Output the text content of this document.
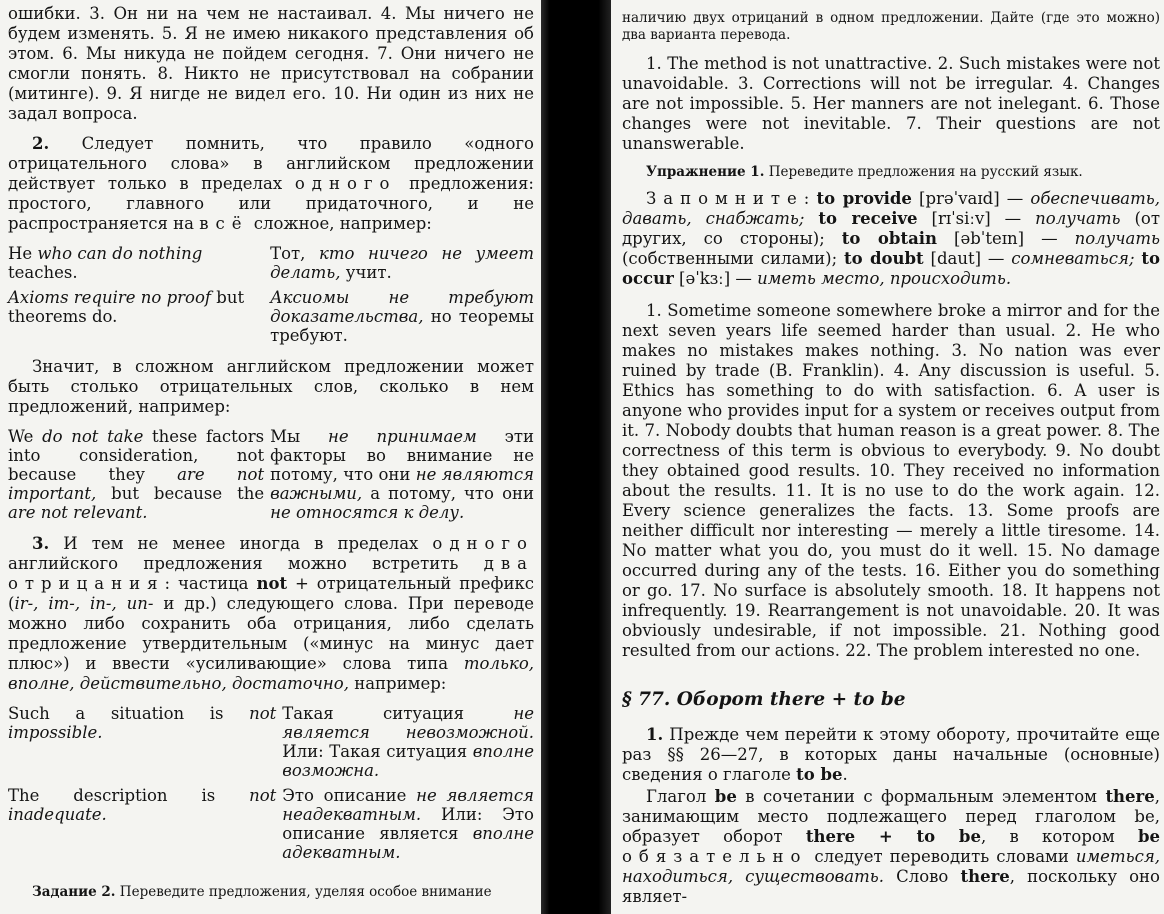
ошибки. 3. Он ни на чем не настаивал. 4. Мы ничего не будем изменять. 5. Я не имею никакого представления об этом. 6. Мы никуда не пойдем сегодня. 7. Они ничего не смогли понять. 8. Никто не присутствовал на собрании (митинге). 9. Я нигде не видел его. 10. Ни один из них не задал вопроса.

2. Следует помнить, что правило «одного отрицательного слова» в английском предложении действует только в пределах одного предложения: простого, главного или придаточного, и не распространяется на всё сложное, например:

He who can do nothing teaches.
Тот, кто ничего не умеет делать, учит.
Axioms require no proof but theorems do.
Аксиомы не требуют доказательства, но теоремы требуют.

Значит, в сложном английском предложении может быть столько отрицательных слов, сколько в нем предложений, например:

We do not take these factors into consideration, not because they are not important, but because the are not relevant.
Мы не принимаем эти факторы во внимание не потому, что они не являются важными, а потому, что они не относятся к делу.

3. И тем не менее иногда в пределах одного английского предложения можно встретить два отрицания: частица not + отрицательный префикс (ir-, im-, in-, un- и др.) следующего слова. При переводе можно либо сохранить оба отрицания, либо сделать предложение утвердительным («минус на минус дает плюс») и ввести «усиливающие» слова типа только, вполне, действительно, достаточно, например:

Such a situation is not impossible.
Такая ситуация не является невозможной. Или: Такая ситуация вполне возможна.
The description is not inadequate.
Это описание не является неадекватным. Или: Это описание является вполне адекватным.

Задание 2. Переведите предложения, уделяя особое внимание

наличию двух отрицаний в одном предложении. Дайте (где это можно) два варианта перевода.

1. The method is not unattractive. 2. Such mistakes were not unavoidable. 3. Corrections will not be irregular. 4. Changes are not impossible. 5. Her manners are not inelegant. 6. Those changes were not inevitable. 7. Their questions are not unanswerable.

Упражнение 1. Переведите предложения на русский язык.

Запомните: to provide [prəˈvaɪd] — обеспечивать, давать, снабжать; to receive [rɪˈsiːv] — получать (от других, со стороны); to obtain [əbˈteɪn] — получать (собственными силами); to doubt [daut] — сомневаться; to occur [əˈkɜː] — иметь место, происходить.

1. Sometime someone somewhere broke a mirror and for the next seven years life seemed harder than usual. 2. He who makes no mistakes makes nothing. 3. No nation was ever ruined by trade (B. Franklin). 4. Any discussion is useful. 5. Ethics has something to do with satisfaction. 6. A user is anyone who provides input for a system or receives output from it. 7. Nobody doubts that human reason is a great power. 8. The correctness of this term is obvious to everybody. 9. No doubt they obtained good results. 10. They received no information about the results. 11. It is no use to do the work again. 12. Every science generalizes the facts. 13. Some proofs are neither difficult nor interesting — merely a little tiresome. 14. No matter what you do, you must do it well. 15. No damage occurred during any of the tests. 16. Either you do something or go. 17. No surface is absolutely smooth. 18. It happens not infrequently. 19. Rearrangement is not unavoidable. 20. It was obviously undesirable, if not impossible. 21. Nothing good resulted from our actions. 22. The problem interested no one.

§ 77. Оборот there + to be

1. Прежде чем перейти к этому обороту, прочитайте еще раз §§ 26—27, в которых даны начальные (основные) сведения о глаголе to be.

Глагол be в сочетании с формальным элементом there, занимающим место подлежащего перед глаголом be, образует оборот there + to be, в котором be обязательно следует переводить словами иметься, находиться, существовать. Слово there, поскольку оно являет-
